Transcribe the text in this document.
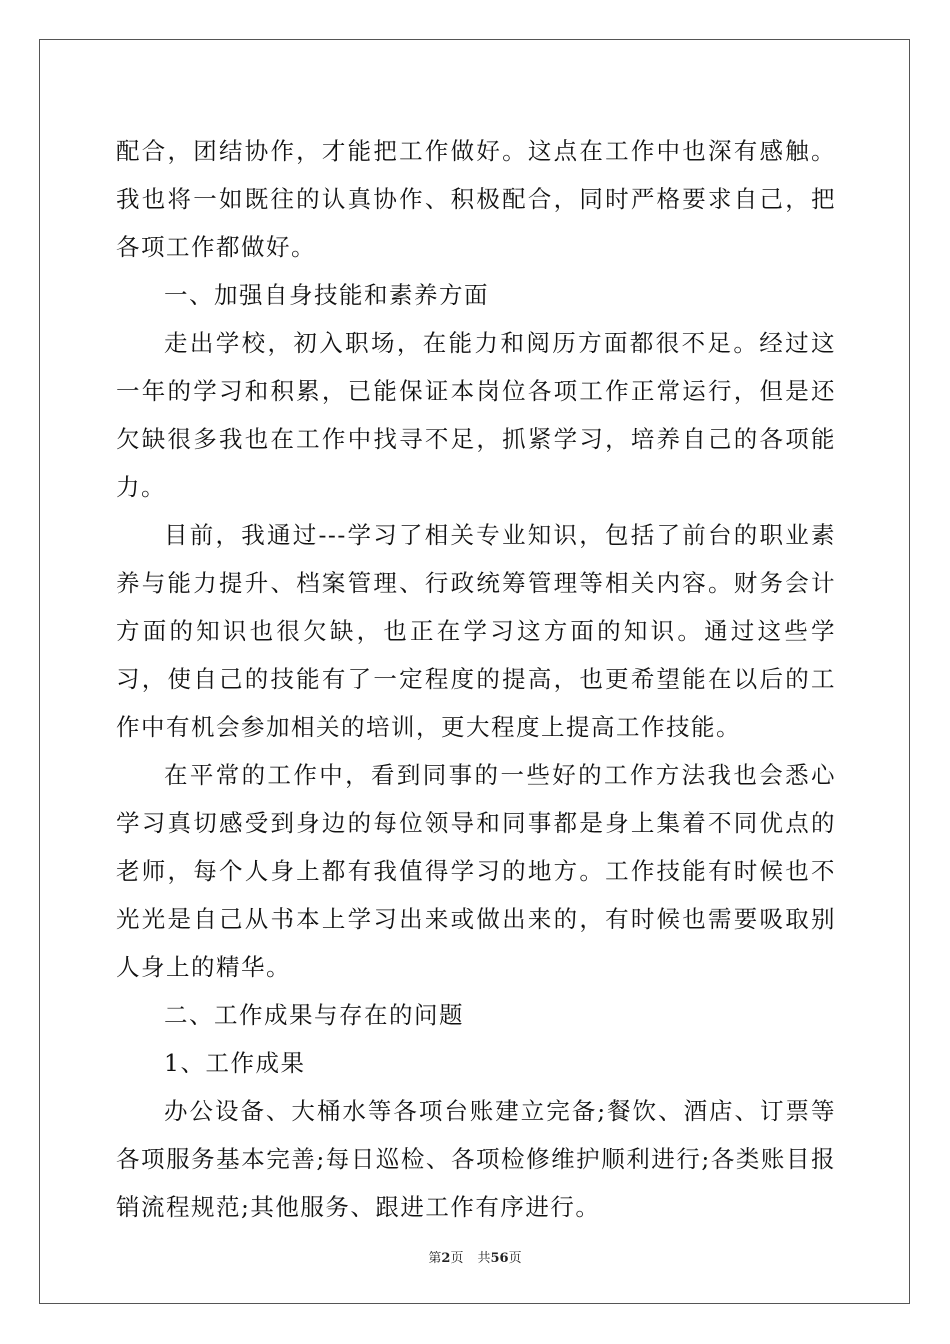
配合，团结协作，才能把工作做好。这点在工作中也深有感触。我也将一如既往的认真协作、积极配合，同时严格要求自己，把各项工作都做好。

一、加强自身技能和素养方面

走出学校，初入职场，在能力和阅历方面都很不足。经过这一年的学习和积累，已能保证本岗位各项工作正常运行，但是还欠缺很多我也在工作中找寻不足，抓紧学习，培养自己的各项能力。

目前，我通过---学习了相关专业知识，包括了前台的职业素养与能力提升、档案管理、行政统筹管理等相关内容。财务会计方面的知识也很欠缺，也正在学习这方面的知识。通过这些学习，使自己的技能有了一定程度的提高，也更希望能在以后的工作中有机会参加相关的培训，更大程度上提高工作技能。

在平常的工作中，看到同事的一些好的工作方法我也会悉心学习真切感受到身边的每位领导和同事都是身上集着不同优点的老师，每个人身上都有我值得学习的地方。工作技能有时候也不光光是自己从书本上学习出来或做出来的，有时候也需要吸取别人身上的精华。

二、工作成果与存在的问题

1、工作成果

办公设备、大桶水等各项台账建立完备;餐饮、酒店、订票等各项服务基本完善;每日巡检、各项检修维护顺利进行;各类账目报销流程规范;其他服务、跟进工作有序进行。

第2页 共56页
